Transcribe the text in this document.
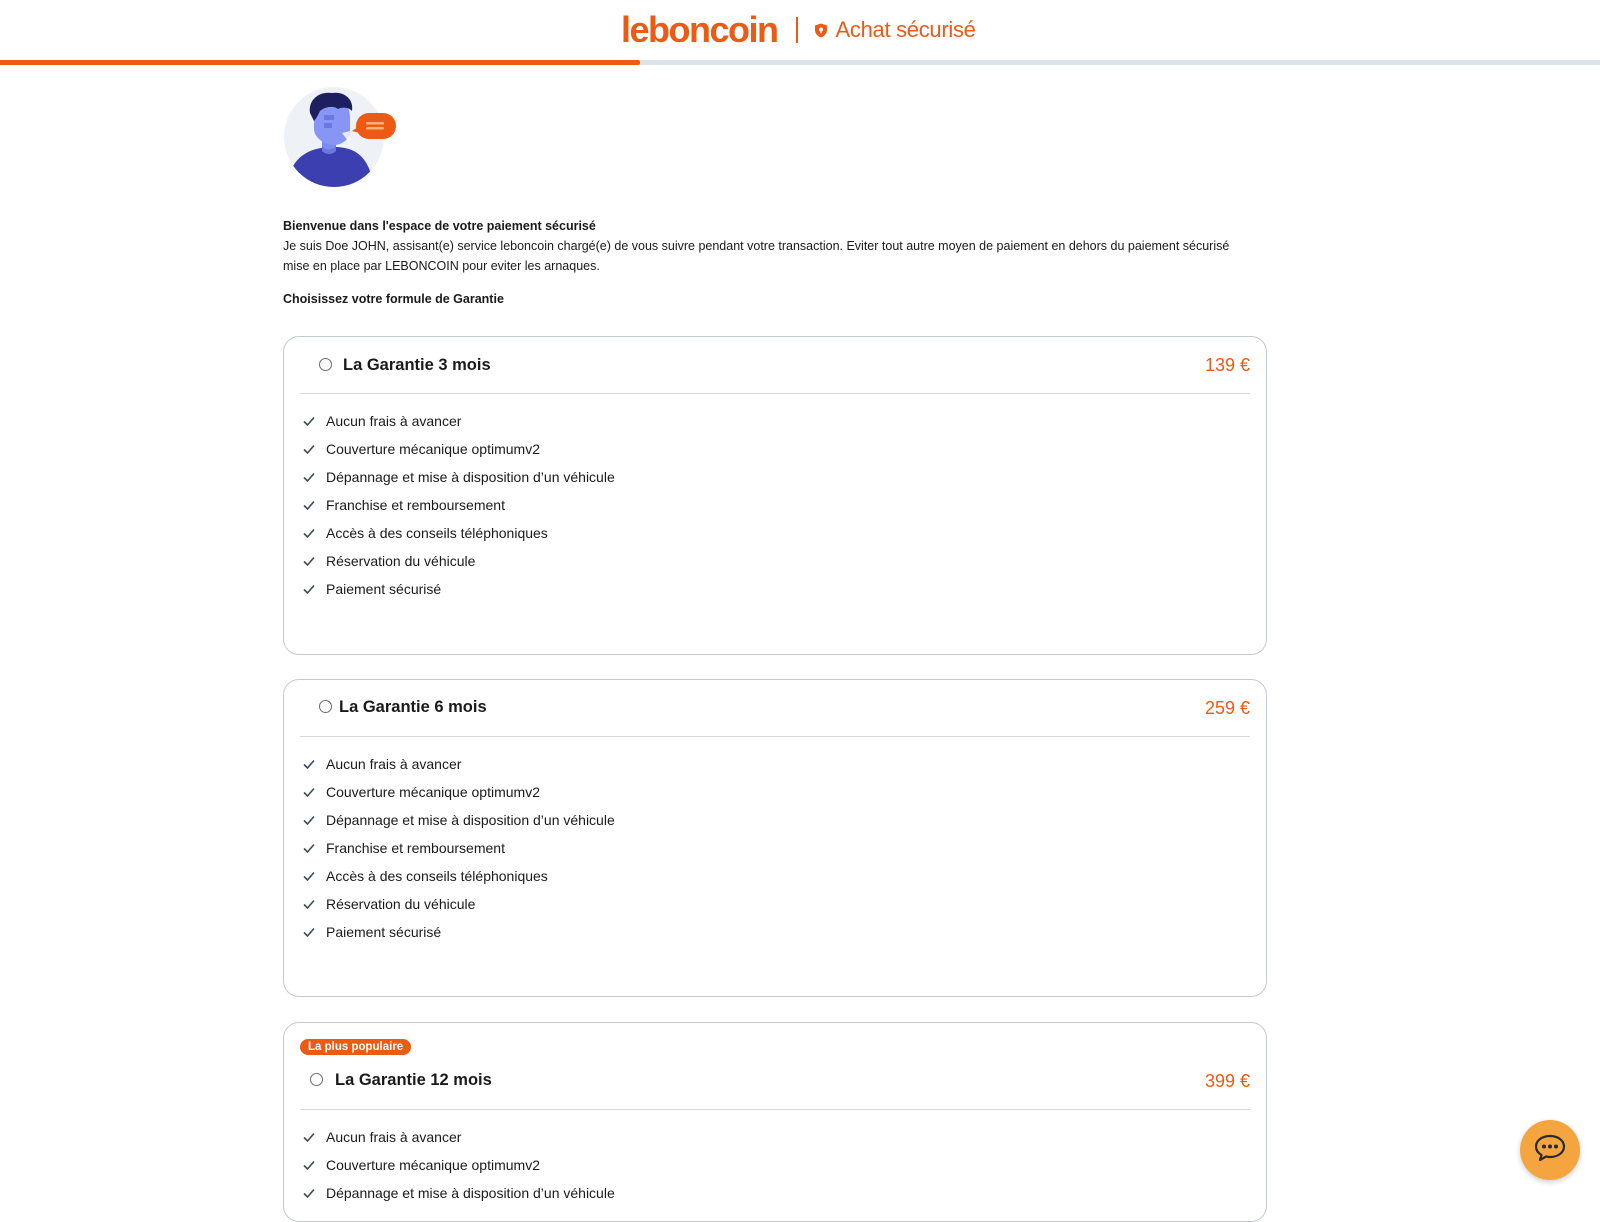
leboncoin	Achat sécurisé
Bienvenue dans l'espace de votre paiement sécurisé
Je suis Doe JOHN, assisant(e) service leboncoin chargé(e) de vous suivre pendant votre transaction. Eviter tout autre moyen de paiement en dehors du paiement sécurisé mise en place par LEBONCOIN pour eviter les arnaques.
Choisissez votre formule de Garantie
La Garantie 3 mois	139 €
Aucun frais à avancer
Couverture mécanique optimumv2
Dépannage et mise à disposition d’un véhicule
Franchise et remboursement
Accès à des conseils téléphoniques
Réservation du véhicule
Paiement sécurisé
La Garantie 6 mois	259 €
Aucun frais à avancer
Couverture mécanique optimumv2
Dépannage et mise à disposition d’un véhicule
Franchise et remboursement
Accès à des conseils téléphoniques
Réservation du véhicule
Paiement sécurisé
La plus populaire
La Garantie 12 mois	399 €
Aucun frais à avancer
Couverture mécanique optimumv2
Dépannage et mise à disposition d’un véhicule
